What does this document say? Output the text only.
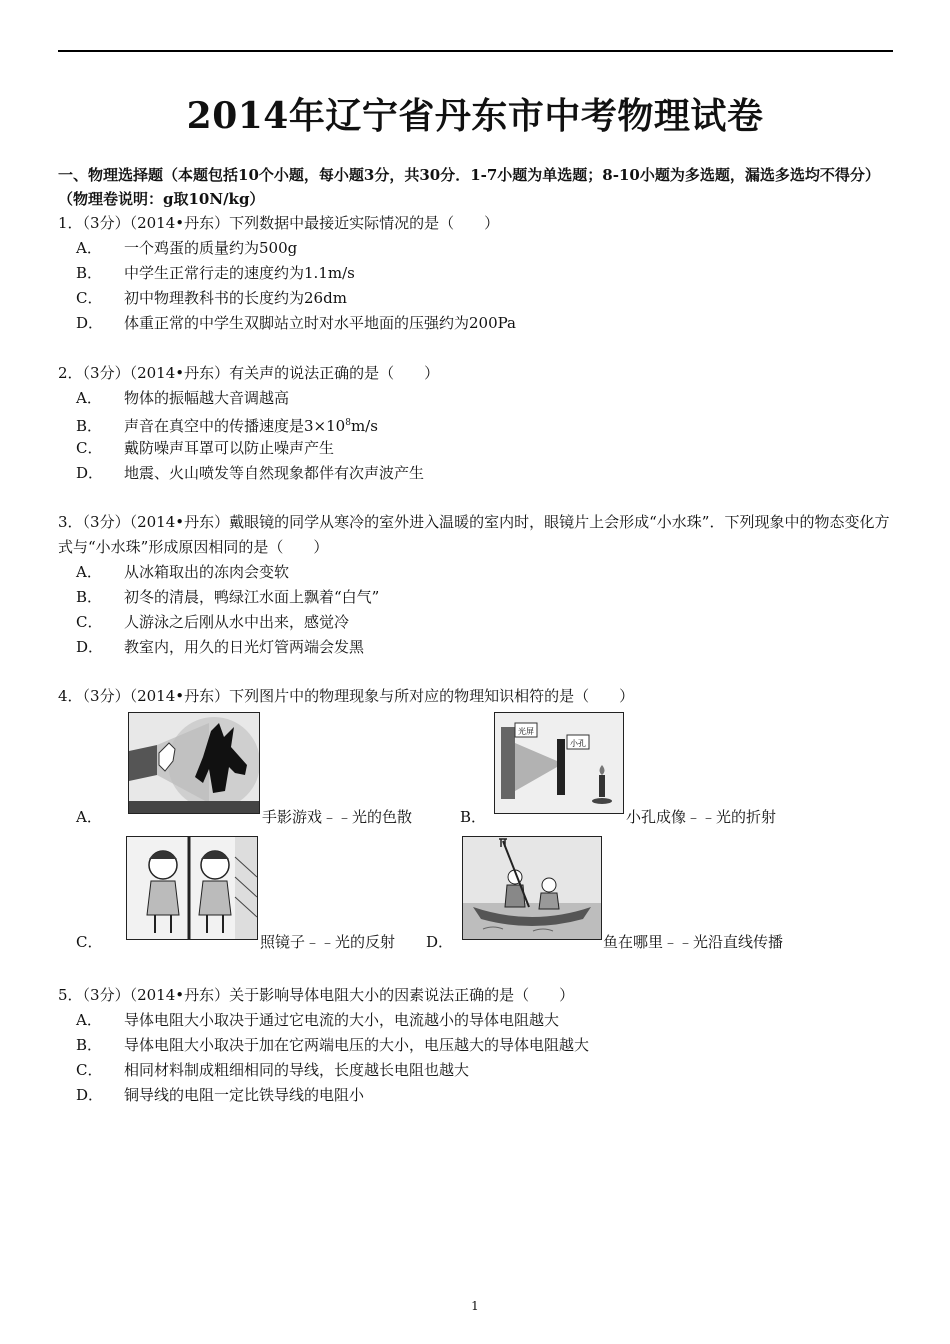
2014年辽宁省丹东市中考物理试卷
一、物理选择题（本题包括10个小题，每小题3分，共30分．1-7小题为单选题；8-10小题为多选题，漏选多选均不得分）（物理卷说明：g取10N/kg）
1．（3分）（2014•丹东）下列数据中最接近实际情况的是（　　）
A． 一个鸡蛋的质量约为500g
B． 中学生正常行走的速度约为1.1m/s
C． 初中物理教科书的长度约为26dm
D． 体重正常的中学生双脚站立时对水平地面的压强约为200Pa
2．（3分）（2014•丹东）有关声的说法正确的是（　　）
A． 物体的振幅越大音调越高
B． 声音在真空中的传播速度是$3\times 10^8m/s$
C． 戴防噪声耳罩可以防止噪声产生
D． 地震、火山喷发等自然现象都伴有次声波产生
3．（3分）（2014•丹东）戴眼镜的同学从寒冷的室外进入温暖的室内时，眼镜片上会形成“小水珠”．下列现象中的物态变化方式与“小水珠”形成原因相同的是（　　）
A． 从冰箱取出的冻肉会变软
B． 初冬的清晨，鸭绿江水面上飘着“白气”
C． 人游泳之后刚从水中出来，感觉冷
D． 教室内，用久的日光灯管两端会发黑
4．（3分）（2014•丹东）下列图片中的物理现象与所对应的物理知识相符的是（　　）
A．	手影游戏﹣﹣光的色散	B．
光屏
小孔
小孔成像﹣﹣光的折射
C．	照镜子﹣﹣光的反射 D．	鱼在哪里﹣﹣光沿直线传播
5．（3分）（2014•丹东）关于影响导体电阻大小的因素说法正确的是（　　）
A． 导体电阻大小取决于通过它电流的大小，电流越小的导体电阻越大
B． 导体电阻大小取决于加在它两端电压的大小，电压越大的导体电阻越大
C． 相同材料制成粗细相同的导线，长度越长电阻也越大
D． 铜导线的电阻一定比铁导线的电阻小
1
